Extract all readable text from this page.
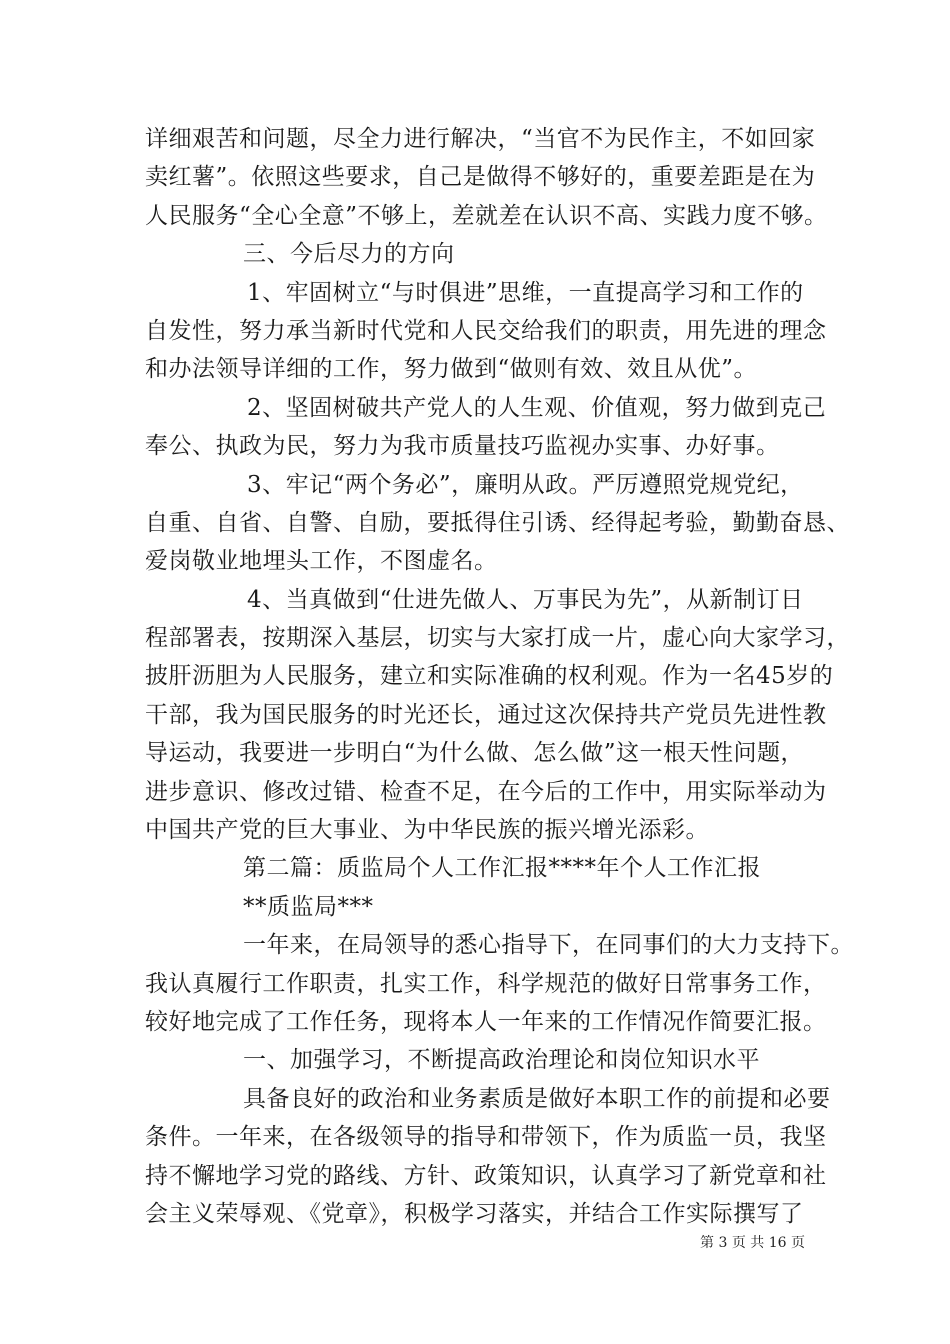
详细艰苦和问题，尽全力进行解决，“当官不为民作主，不如回家
卖红薯”。依照这些要求，自己是做得不够好的，重要差距是在为
人民服务“全心全意”不够上，差就差在认识不高、实践力度不够。
三、今后尽力的方向
1、牢固树立“与时俱进”思维，一直提高学习和工作的
自发性，努力承当新时代党和人民交给我们的职责，用先进的理念
和办法领导详细的工作，努力做到“做则有效、效且从优”。
2、坚固树破共产党人的人生观、价值观，努力做到克己
奉公、执政为民，努力为我市质量技巧监视办实事、办好事。
3、牢记“两个务必”，廉明从政。严厉遵照党规党纪，
自重、自省、自警、自励，要抵得住引诱、经得起考验，勤勤奋恳、
爱岗敬业地埋头工作，不图虚名。
4、当真做到“仕进先做人、万事民为先”，从新制订日
程部署表，按期深入基层，切实与大家打成一片，虚心向大家学习，
披肝沥胆为人民服务，建立和实际准确的权利观。作为一名45岁的
干部，我为国民服务的时光还长，通过这次保持共产党员先进性教
导运动，我要进一步明白“为什么做、怎么做”这一根天性问题，
进步意识、修改过错、检查不足，在今后的工作中，用实际举动为
中国共产党的巨大事业、为中华民族的振兴增光添彩。
第二篇：质监局个人工作汇报****年个人工作汇报
**质监局***
一年来，在局领导的悉心指导下，在同事们的大力支持下。
我认真履行工作职责，扎实工作，科学规范的做好日常事务工作，
较好地完成了工作任务，现将本人一年来的工作情况作简要汇报。
一、加强学习，不断提高政治理论和岗位知识水平
具备良好的政治和业务素质是做好本职工作的前提和必要
条件。一年来，在各级领导的指导和带领下，作为质监一员，我坚
持不懈地学习党的路线、方针、政策知识，认真学习了新党章和社
会主义荣辱观、《党章》，积极学习落实，并结合工作实际撰写了
第 3 页 共 16 页
